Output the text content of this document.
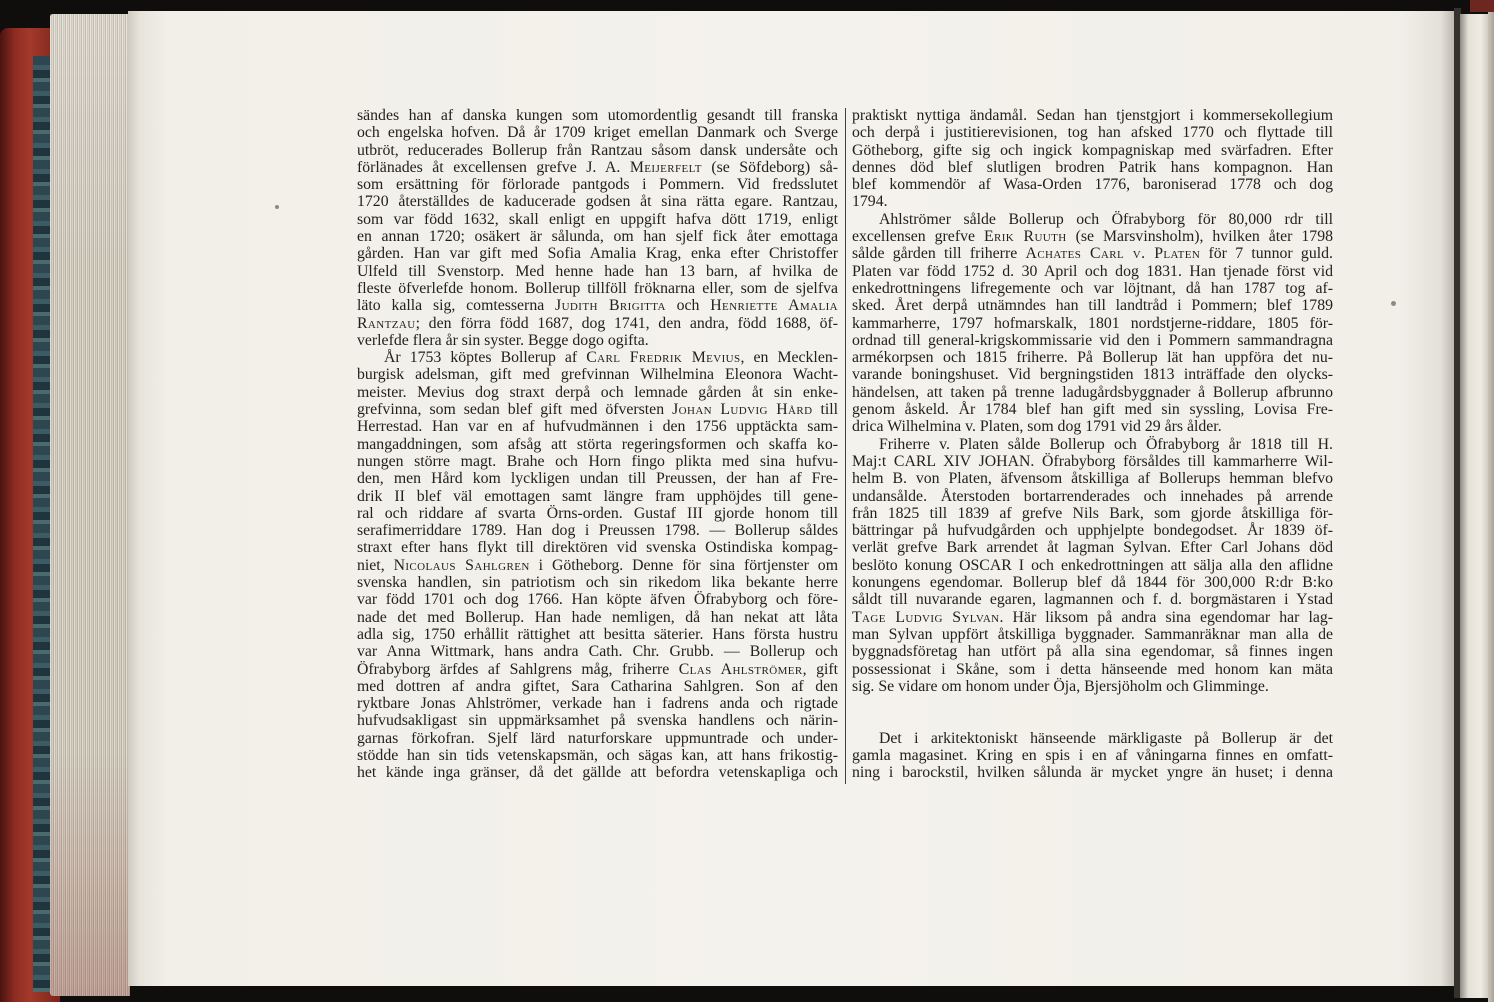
sändes han af danska kungen som utomordentlig gesandt till franska
och engelska hofven. Då år 1709 kriget emellan Danmark och Sverge
utbröt, reducerades Bollerup från Rantzau såsom dansk undersåte och
förlänades åt excellensen grefve J. A. Meijerfelt (se Söfdeborg) så-
som ersättning för förlorade pantgods i Pommern. Vid fredsslutet
1720 återställdes de kaducerade godsen åt sina rätta egare. Rantzau,
som var född 1632, skall enligt en uppgift hafva dött 1719, enligt
en annan 1720; osäkert är sålunda, om han sjelf fick åter emottaga
gården. Han var gift med Sofia Amalia Krag, enka efter Christoffer
Ulfeld till Svenstorp. Med henne hade han 13 barn, af hvilka de
fleste öfverlefde honom. Bollerup tillföll fröknarna eller, som de sjelfva
läto kalla sig, comtesserna Judith Brigitta och Henriette Amalia
Rantzau; den förra född 1687, dog 1741, den andra, född 1688, öf-
verlefde flera år sin syster. Begge dogo ogifta.
År 1753 köptes Bollerup af Carl Fredrik Mevius, en Mecklen-
burgisk adelsman, gift med grefvinnan Wilhelmina Eleonora Wacht-
meister. Mevius dog straxt derpå och lemnade gården åt sin enke-
grefvinna, som sedan blef gift med öfversten Johan Ludvig Hård till
Herrestad. Han var en af hufvudmännen i den 1756 upptäckta sam-
mangaddningen, som afsåg att störta regeringsformen och skaffa ko-
nungen större magt. Brahe och Horn fingo plikta med sina hufvu-
den, men Hård kom lyckligen undan till Preussen, der han af Fre-
drik II blef väl emottagen samt längre fram upphöjdes till gene-
ral och riddare af svarta Örns-orden. Gustaf III gjorde honom till
serafimerriddare 1789. Han dog i Preussen 1798. — Bollerup såldes
straxt efter hans flykt till direktören vid svenska Ostindiska kompag-
niet, Nicolaus Sahlgren i Götheborg. Denne för sina förtjenster om
svenska handlen, sin patriotism och sin rikedom lika bekante herre
var född 1701 och dog 1766. Han köpte äfven Öfrabyborg och före-
nade det med Bollerup. Han hade nemligen, då han nekat att låta
adla sig, 1750 erhållit rättighet att besitta säterier. Hans första hustru
var Anna Wittmark, hans andra Cath. Chr. Grubb. — Bollerup och
Öfrabyborg ärfdes af Sahlgrens måg, friherre Clas Ahlströmer, gift
med dottren af andra giftet, Sara Catharina Sahlgren. Son af den
ryktbare Jonas Ahlströmer, verkade han i fadrens anda och rigtade
hufvudsakligast sin uppmärksamhet på svenska handlens och närin-
garnas förkofran. Sjelf lärd naturforskare uppmuntrade och under-
stödde han sin tids vetenskapsmän, och sägas kan, att hans frikostig-
het kände inga gränser, då det gällde att befordra vetenskapliga och
praktiskt nyttiga ändamål. Sedan han tjenstgjort i kommersekollegium
och derpå i justitierevisionen, tog han afsked 1770 och flyttade till
Götheborg, gifte sig och ingick kompagniskap med svärfadren. Efter
dennes död blef slutligen brodren Patrik hans kompagnon. Han
blef kommendör af Wasa-Orden 1776, baroniserad 1778 och dog
1794.
Ahlströmer sålde Bollerup och Öfrabyborg för 80,000 rdr till
excellensen grefve Erik Ruuth (se Marsvinsholm), hvilken åter 1798
sålde gården till friherre Achates Carl v. Platen för 7 tunnor guld.
Platen var född 1752 d. 30 April och dog 1831. Han tjenade först vid
enkedrottningens lifregemente och var löjtnant, då han 1787 tog af-
sked. Året derpå utnämndes han till landtråd i Pommern; blef 1789
kammarherre, 1797 hofmarskalk, 1801 nordstjerne-riddare, 1805 för-
ordnad till general-krigskommissarie vid den i Pommern sammandragna
armékorpsen och 1815 friherre. På Bollerup lät han uppföra det nu-
varande boningshuset. Vid bergningstiden 1813 inträffade den olycks-
händelsen, att taken på trenne ladugårdsbyggnader å Bollerup afbrunno
genom åskeld. År 1784 blef han gift med sin syssling, Lovisa Fre-
drica Wilhelmina v. Platen, som dog 1791 vid 29 års ålder.
Friherre v. Platen sålde Bollerup och Öfrabyborg år 1818 till H.
Maj:t CARL XIV JOHAN. Öfrabyborg försåldes till kammarherre Wil-
helm B. von Platen, äfvensom åtskilliga af Bollerups hemman blefvo
undansålde. Återstoden bortarrenderades och innehades på arrende
från 1825 till 1839 af grefve Nils Bark, som gjorde åtskilliga för-
bättringar på hufvudgården och upphjelpte bondegodset. År 1839 öf-
verlät grefve Bark arrendet åt lagman Sylvan. Efter Carl Johans död
beslöto konung OSCAR I och enkedrottningen att sälja alla den aflidne
konungens egendomar. Bollerup blef då 1844 för 300,000 R:dr B:ko
såldt till nuvarande egaren, lagmannen och f. d. borgmästaren i Ystad
Tage Ludvig Sylvan. Här liksom på andra sina egendomar har lag-
man Sylvan uppfört åtskilliga byggnader. Sammanräknar man alla de
byggnadsföretag han utfört på alla sina egendomar, så finnes ingen
possessionat i Skåne, som i detta hänseende med honom kan mäta
sig. Se vidare om honom under Öja, Bjersjöholm och Glimminge.
Det i arkitektoniskt hänseende märkligaste på Bollerup är det
gamla magasinet. Kring en spis i en af våningarna finnes en omfatt-
ning i barockstil, hvilken sålunda är mycket yngre än huset; i denna
